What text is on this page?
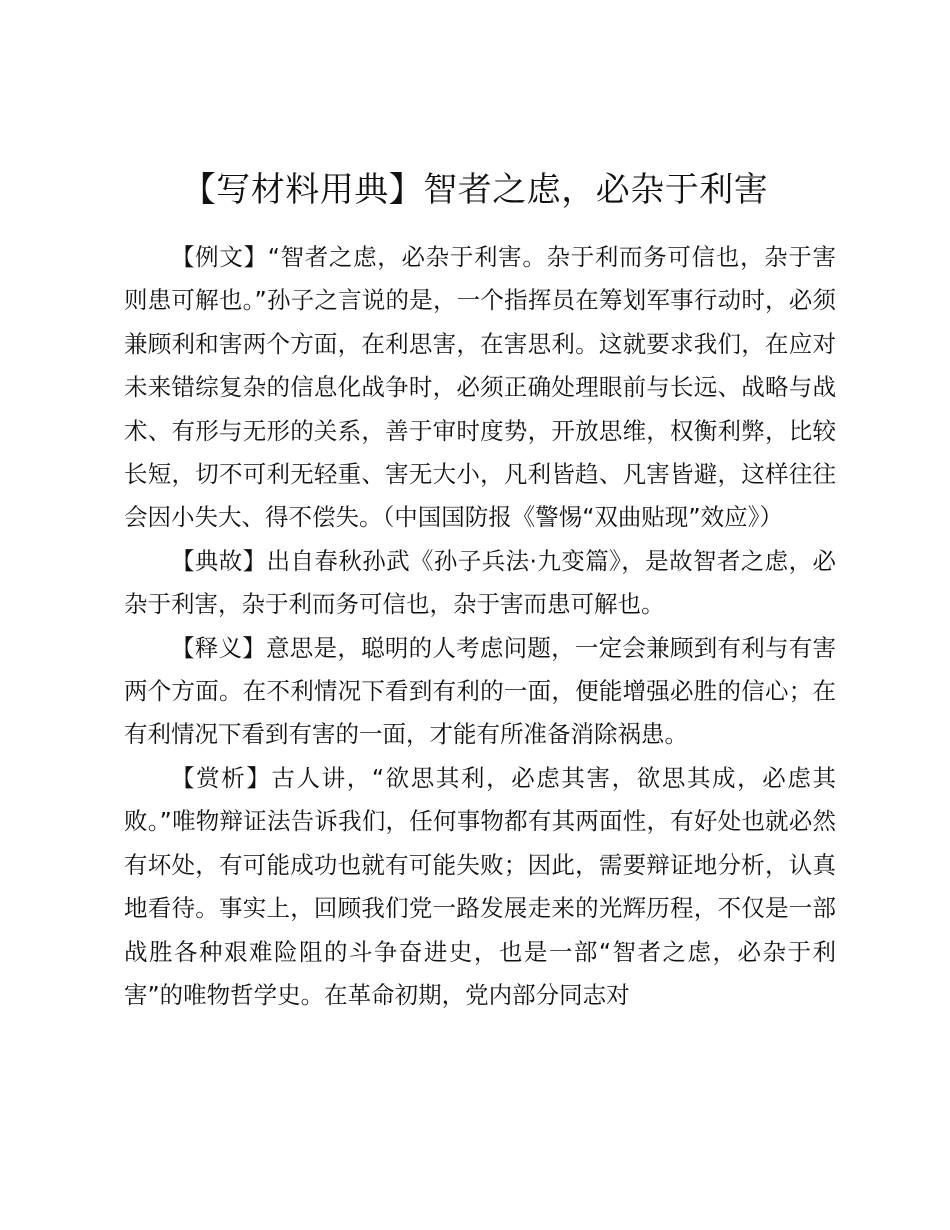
【写材料用典】智者之虑，必杂于利害

【例文】“智者之虑，必杂于利害。杂于利而务可信也，杂于害则患可解也。”孙子之言说的是，一个指挥员在筹划军事行动时，必须兼顾利和害两个方面，在利思害，在害思利。这就要求我们，在应对未来错综复杂的信息化战争时，必须正确处理眼前与长远、战略与战术、有形与无形的关系，善于审时度势，开放思维，权衡利弊，比较长短，切不可利无轻重、害无大小，凡利皆趋、凡害皆避，这样往往会因小失大、得不偿失。（中国国防报《警惕“双曲贴现”效应》）

【典故】出自春秋孙武《孙子兵法·九变篇》，是故智者之虑，必杂于利害，杂于利而务可信也，杂于害而患可解也。

【释义】意思是，聪明的人考虑问题，一定会兼顾到有利与有害两个方面。在不利情况下看到有利的一面，便能增强必胜的信心；在有利情况下看到有害的一面，才能有所准备消除祸患。

【赏析】古人讲，“欲思其利，必虑其害，欲思其成，必虑其败。”唯物辩证法告诉我们，任何事物都有其两面性，有好处也就必然有坏处，有可能成功也就有可能失败；因此，需要辩证地分析，认真地看待。事实上，回顾我们党一路发展走来的光辉历程，不仅是一部战胜各种艰难险阻的斗争奋进史，也是一部“智者之虑，必杂于利害”的唯物哲学史。在革命初期，党内部分同志对
